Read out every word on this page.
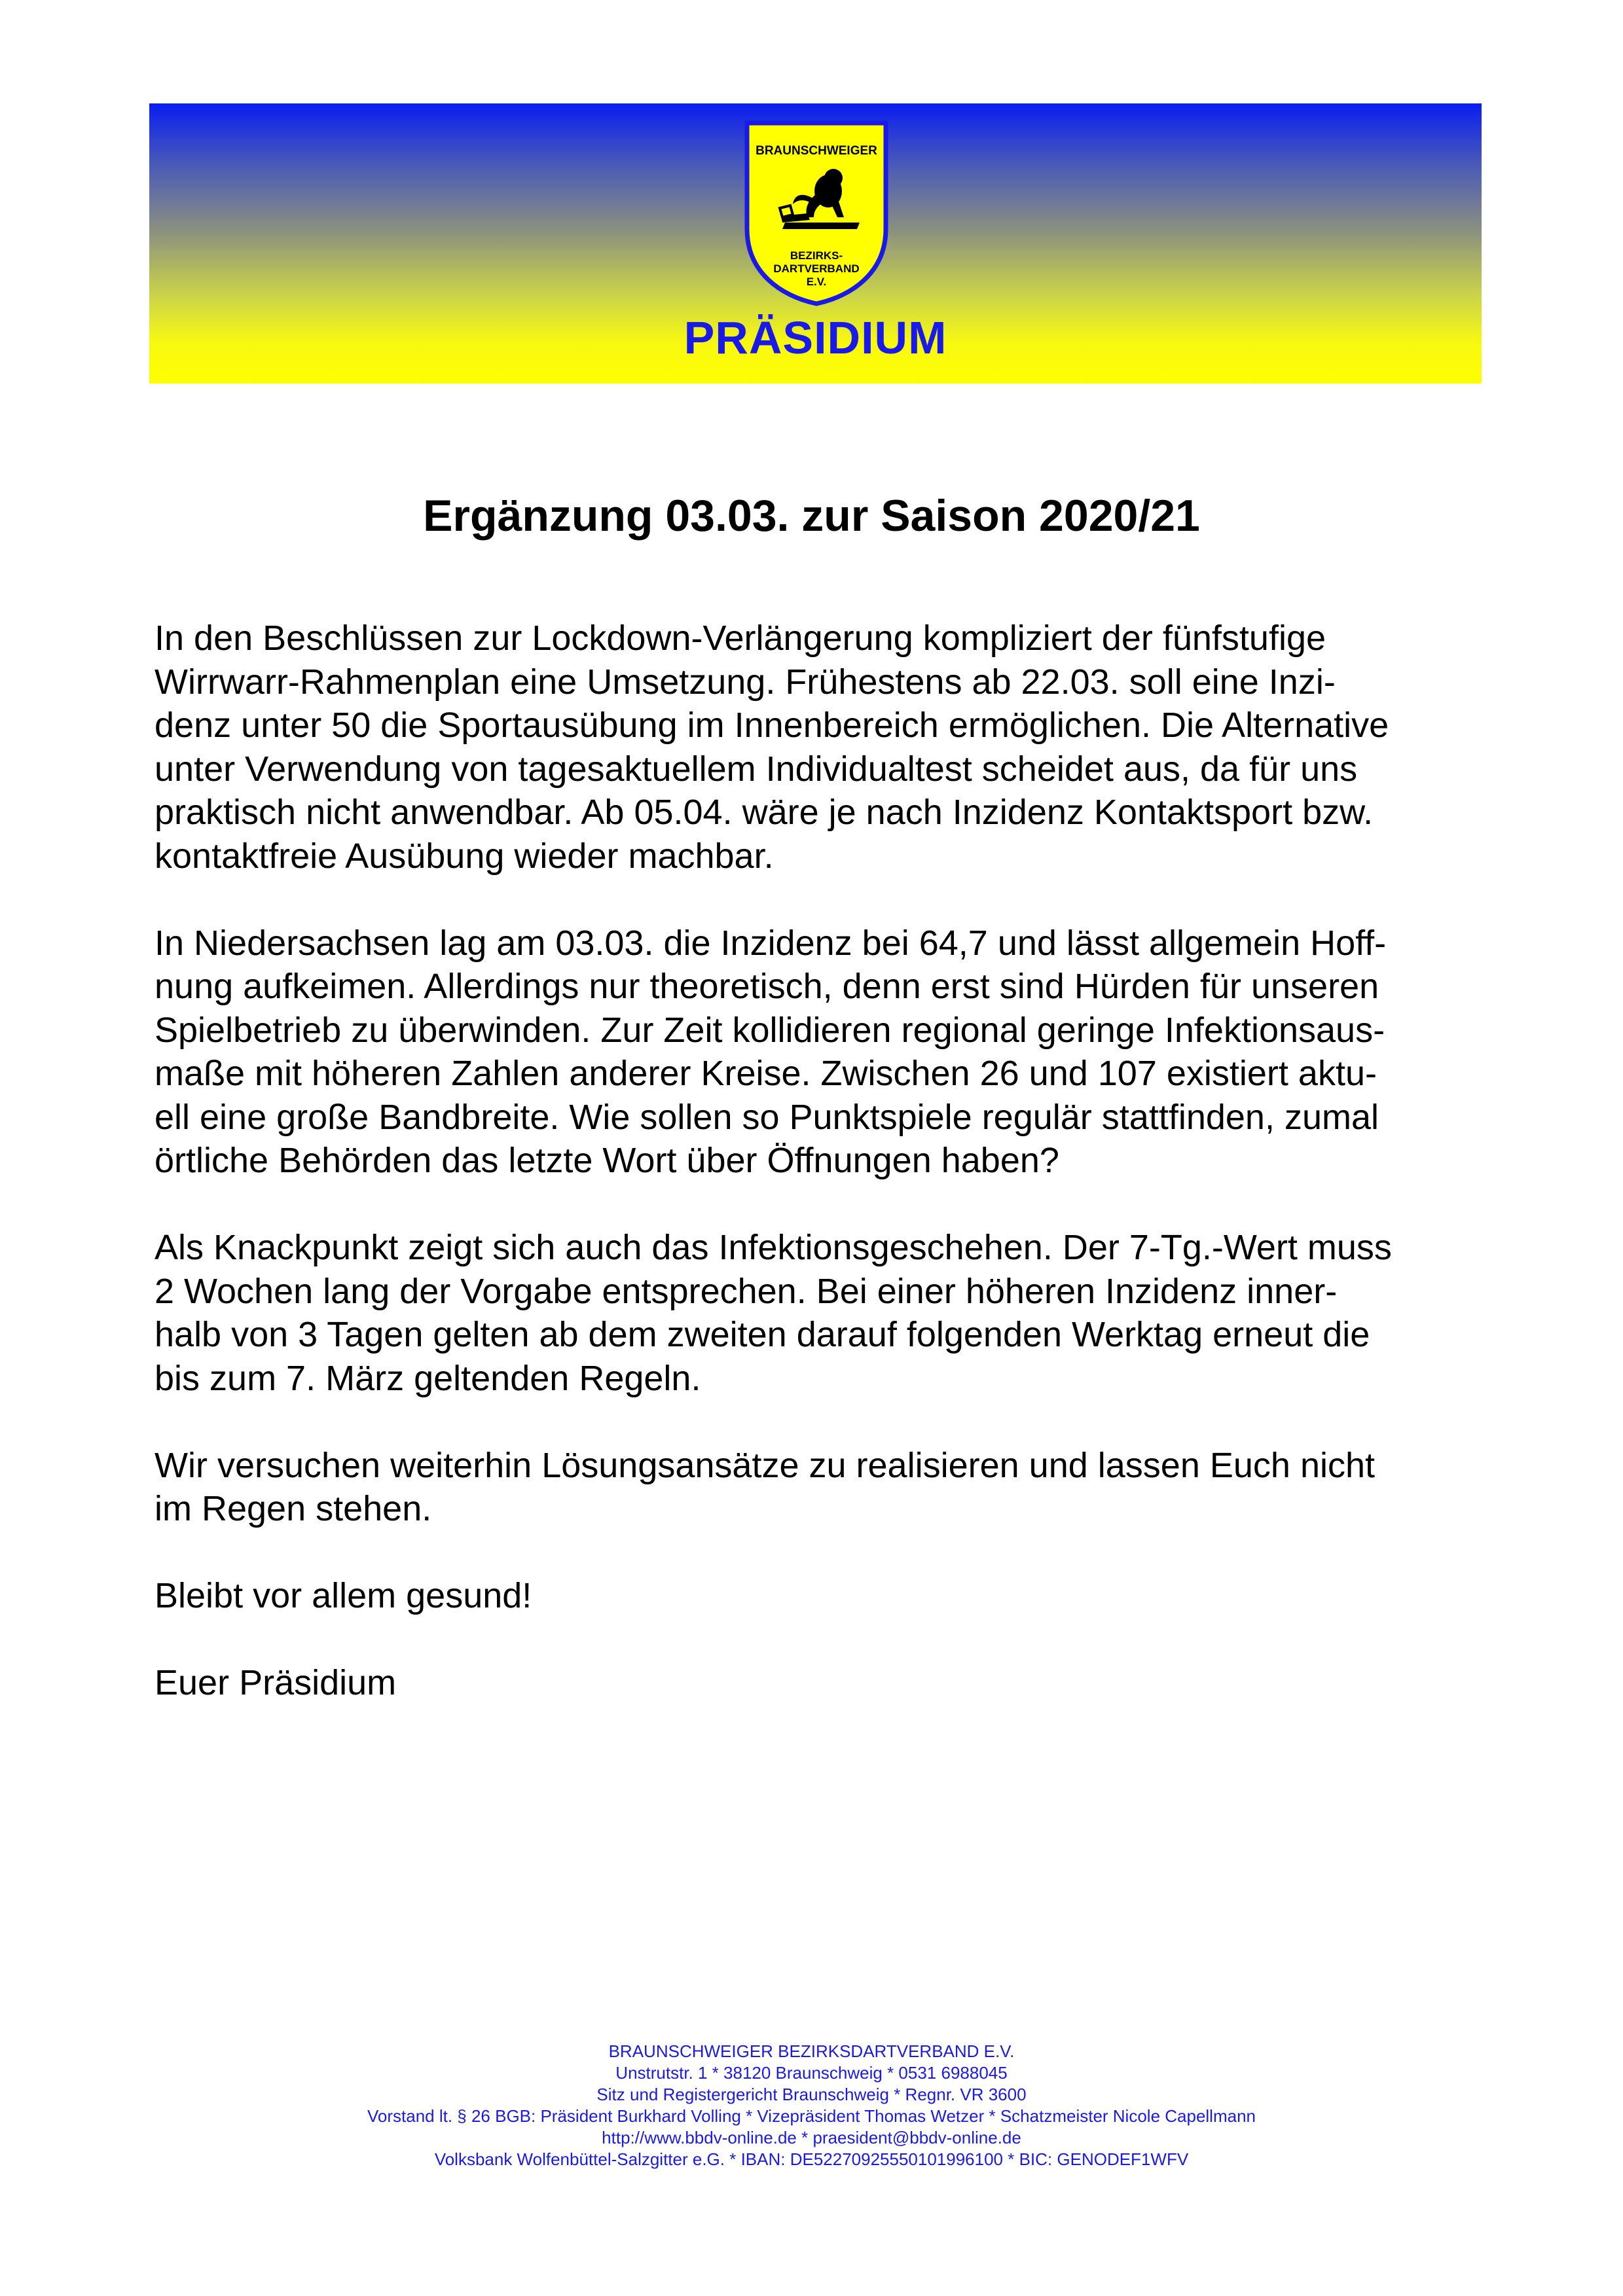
BRAUNSCHWEIGER
BEZIRKS-
DARTVERBAND
E.V.
PRÄSIDIUM
Ergänzung 03.03. zur Saison 2020/21

In den Beschlüssen zur Lockdown-Verlängerung kompliziert der fünfstufige
Wirrwarr-Rahmenplan eine Umsetzung. Frühestens ab 22.03. soll eine Inzi-
denz unter 50 die Sportausübung im Innenbereich ermöglichen. Die Alternative
unter Verwendung von tagesaktuellem Individualtest scheidet aus, da für uns
praktisch nicht anwendbar. Ab 05.04. wäre je nach Inzidenz Kontaktsport bzw.
kontaktfreie Ausübung wieder machbar.

In Niedersachsen lag am 03.03. die Inzidenz bei 64,7 und lässt allgemein Hoff-
nung aufkeimen. Allerdings nur theoretisch, denn erst sind Hürden für unseren
Spielbetrieb zu überwinden. Zur Zeit kollidieren regional geringe Infektionsaus-
maße mit höheren Zahlen anderer Kreise. Zwischen 26 und 107 existiert aktu-
ell eine große Bandbreite. Wie sollen so Punktspiele regulär stattfinden, zumal
örtliche Behörden das letzte Wort über Öffnungen haben?

Als Knackpunkt zeigt sich auch das Infektionsgeschehen. Der 7-Tg.-Wert muss
2 Wochen lang der Vorgabe entsprechen. Bei einer höheren Inzidenz inner-
halb von 3 Tagen gelten ab dem zweiten darauf folgenden Werktag erneut die
bis zum 7. März geltenden Regeln.

Wir versuchen weiterhin Lösungsansätze zu realisieren und lassen Euch nicht
im Regen stehen.

Bleibt vor allem gesund!

Euer Präsidium

BRAUNSCHWEIGER BEZIRKSDARTVERBAND E.V.
Unstrutstr. 1 * 38120 Braunschweig * 0531 6988045
Sitz und Registergericht Braunschweig * Regnr. VR 3600
Vorstand lt. § 26 BGB: Präsident Burkhard Volling * Vizepräsident Thomas Wetzer * Schatzmeister Nicole Capellmann
http://www.bbdv-online.de * praesident@bbdv-online.de
Volksbank Wolfenbüttel-Salzgitter e.G. * IBAN: DE52270925550101996100 * BIC: GENODEF1WFV
